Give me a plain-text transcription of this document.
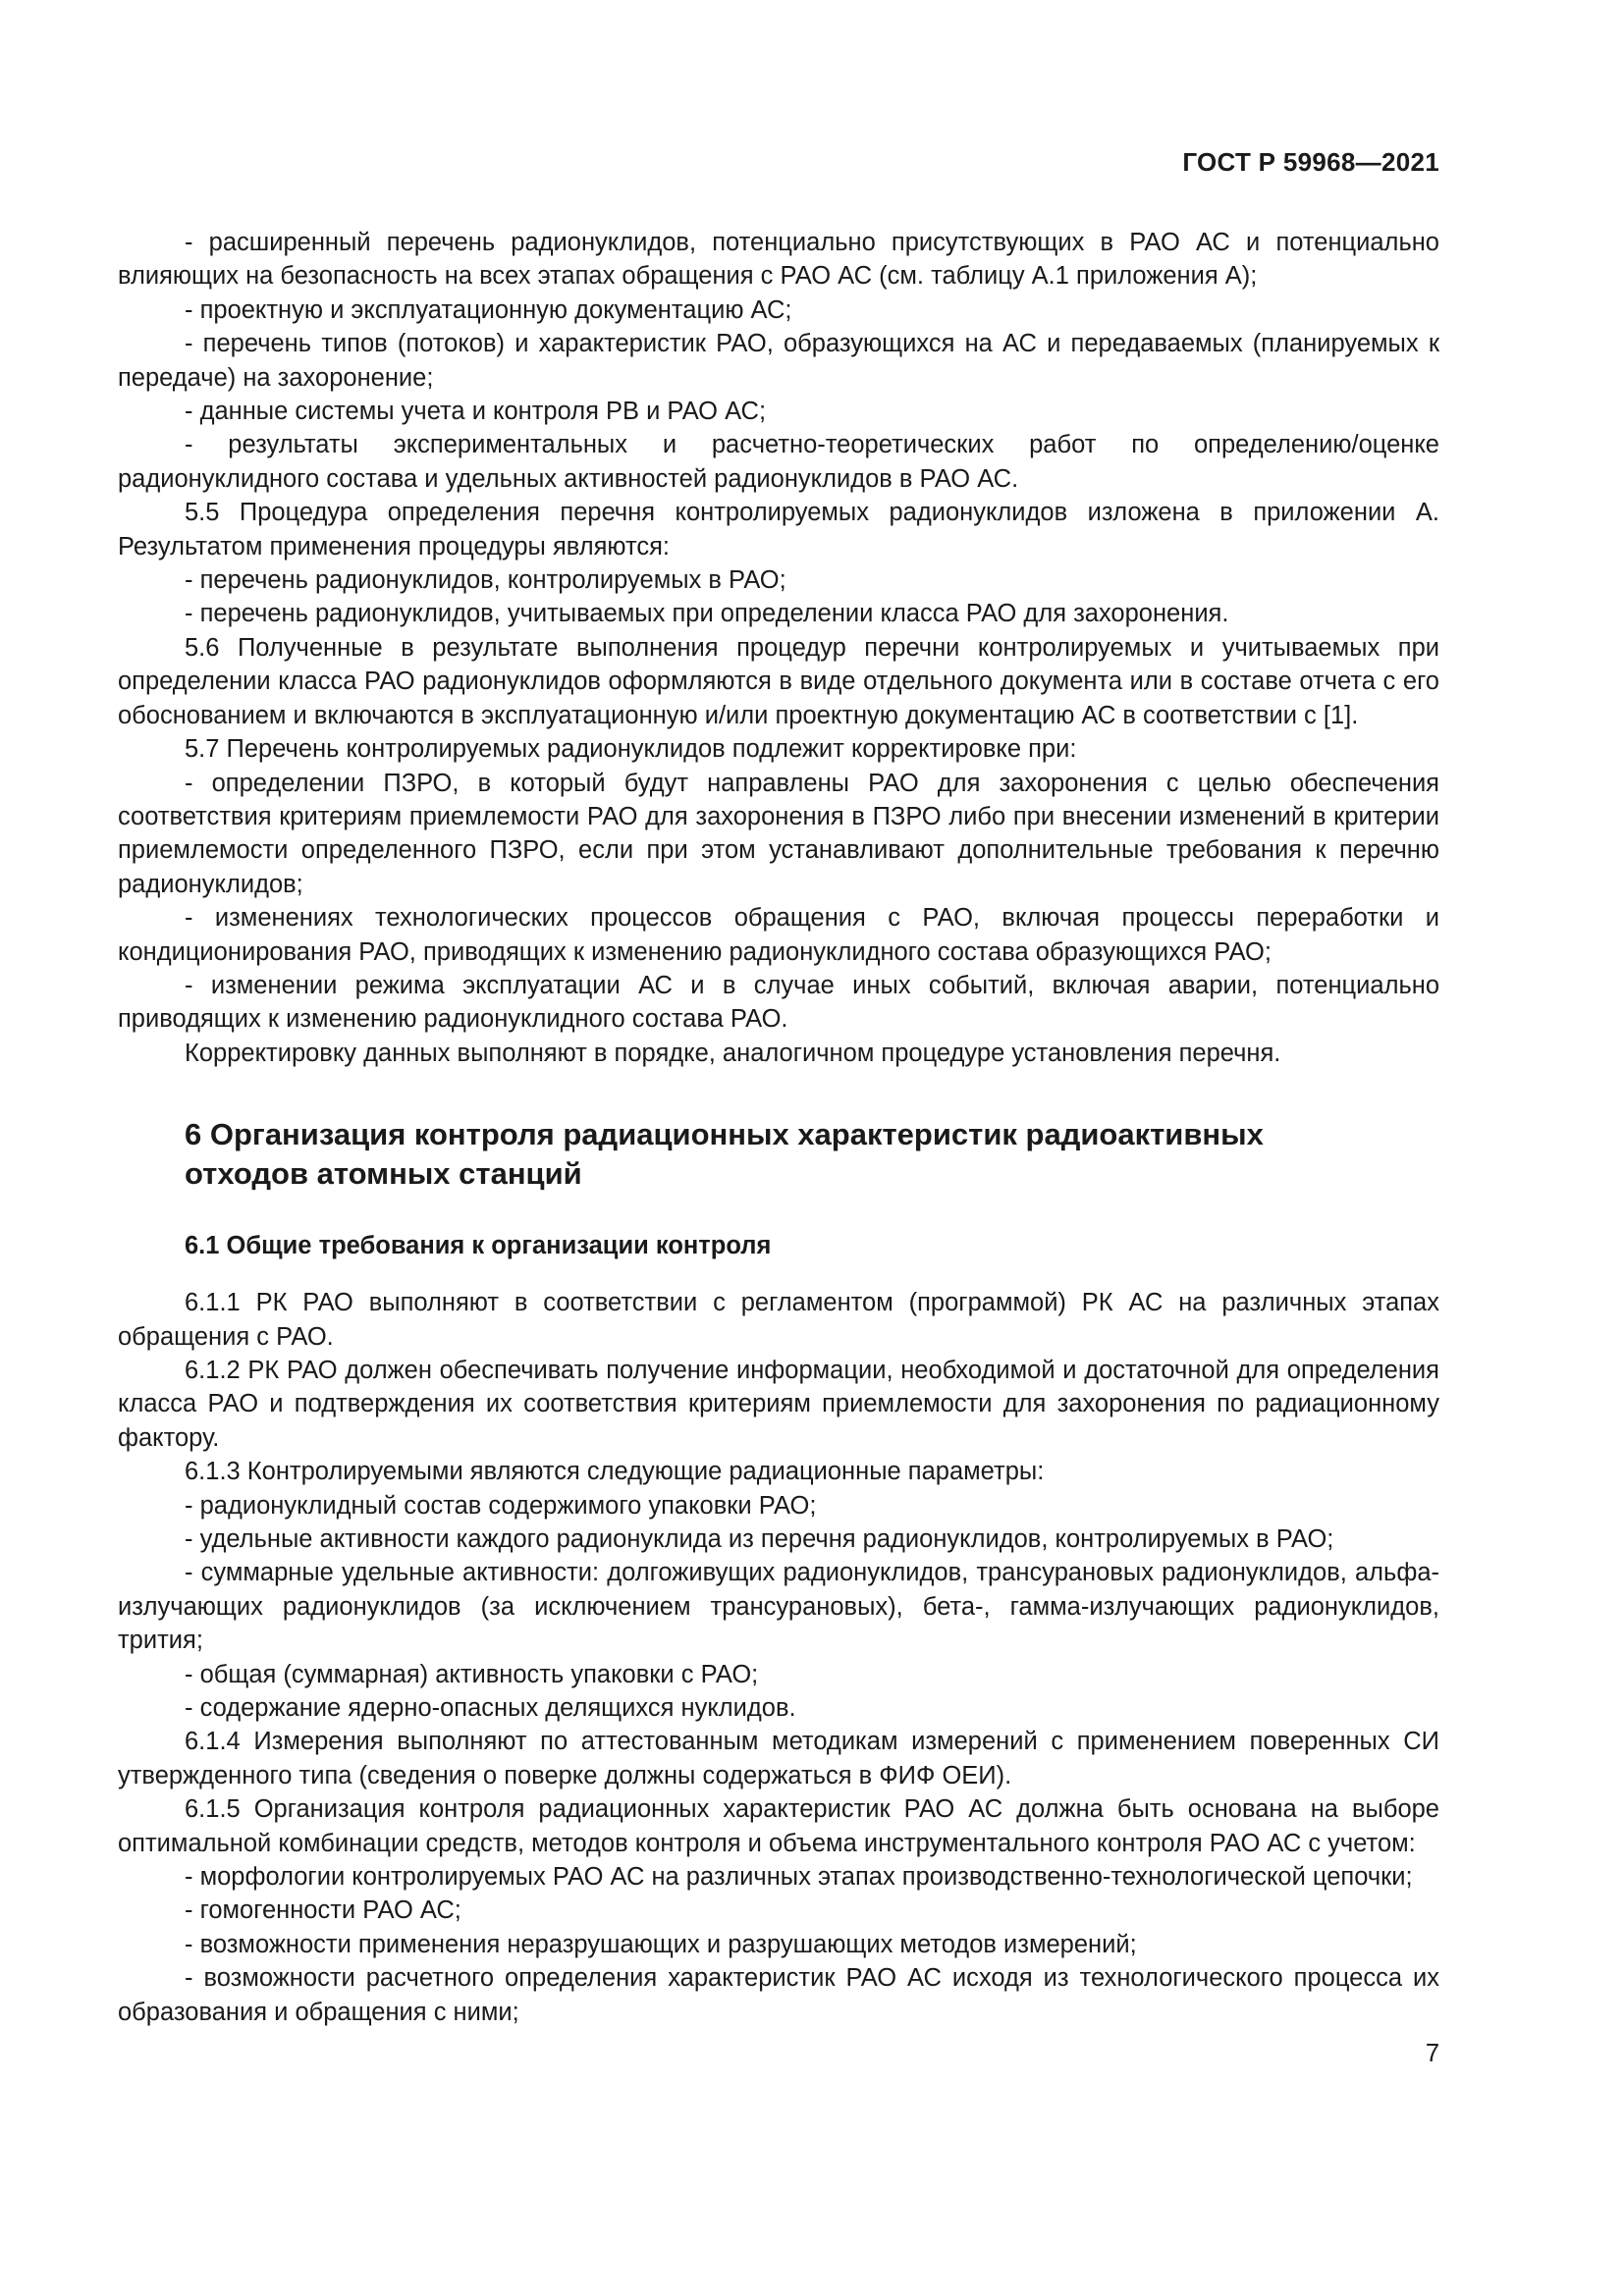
ГОСТ Р 59968—2021

- расширенный перечень радионуклидов, потенциально присутствующих в РАО АС и потенциально влияющих на безопасность на всех этапах обращения с РАО АС (см. таблицу А.1 приложения А);

- проектную и эксплуатационную документацию АС;

- перечень типов (потоков) и характеристик РАО, образующихся на АС и передаваемых (планируемых к передаче) на захоронение;

- данные системы учета и контроля РВ и РАО АС;

- результаты экспериментальных и расчетно-теоретических работ по определению/оценке радионуклидного состава и удельных активностей радионуклидов в РАО АС.

5.5 Процедура определения перечня контролируемых радионуклидов изложена в приложении А. Результатом применения процедуры являются:

- перечень радионуклидов, контролируемых в РАО;

- перечень радионуклидов, учитываемых при определении класса РАО для захоронения.

5.6 Полученные в результате выполнения процедур перечни контролируемых и учитываемых при определении класса РАО радионуклидов оформляются в виде отдельного документа или в составе отчета с его обоснованием и включаются в эксплуатационную и/или проектную документацию АС в соответствии с [1].

5.7 Перечень контролируемых радионуклидов подлежит корректировке при:

- определении ПЗРО, в который будут направлены РАО для захоронения с целью обеспечения соответствия критериям приемлемости РАО для захоронения в ПЗРО либо при внесении изменений в критерии приемлемости определенного ПЗРО, если при этом устанавливают дополнительные требования к перечню радионуклидов;

- изменениях технологических процессов обращения с РАО, включая процессы переработки и кондиционирования РАО, приводящих к изменению радионуклидного состава образующихся РАО;

- изменении режима эксплуатации АС и в случае иных событий, включая аварии, потенциально приводящих к изменению радионуклидного состава РАО.

Корректировку данных выполняют в порядке, аналогичном процедуре установления перечня.

6 Организация контроля радиационных характеристик радиоактивных
отходов атомных станций
6.1 Общие требования к организации контроля

6.1.1 РК РАО выполняют в соответствии с регламентом (программой) РК АС на различных этапах обращения с РАО.

6.1.2 РК РАО должен обеспечивать получение информации, необходимой и достаточной для определения класса РАО и подтверждения их соответствия критериям приемлемости для захоронения по радиационному фактору.

6.1.3 Контролируемыми являются следующие радиационные параметры:

- радионуклидный состав содержимого упаковки РАО;

- удельные активности каждого радионуклида из перечня радионуклидов, контролируемых в РАО;

- суммарные удельные активности: долгоживущих радионуклидов, трансурановых радионуклидов, альфа-излучающих радионуклидов (за исключением трансурановых), бета-, гамма-излучающих радионуклидов, трития;

- общая (суммарная) активность упаковки с РАО;

- содержание ядерно-опасных делящихся нуклидов.

6.1.4 Измерения выполняют по аттестованным методикам измерений с применением поверенных СИ утвержденного типа (сведения о поверке должны содержаться в ФИФ ОЕИ).

6.1.5 Организация контроля радиационных характеристик РАО АС должна быть основана на выборе оптимальной комбинации средств, методов контроля и объема инструментального контроля РАО АС с учетом:

- морфологии контролируемых РАО АС на различных этапах производственно-технологической цепочки;

- гомогенности РАО АС;

- возможности применения неразрушающих и разрушающих методов измерений;

- возможности расчетного определения характеристик РАО АС исходя из технологического процесса их образования и обращения с ними;

7
